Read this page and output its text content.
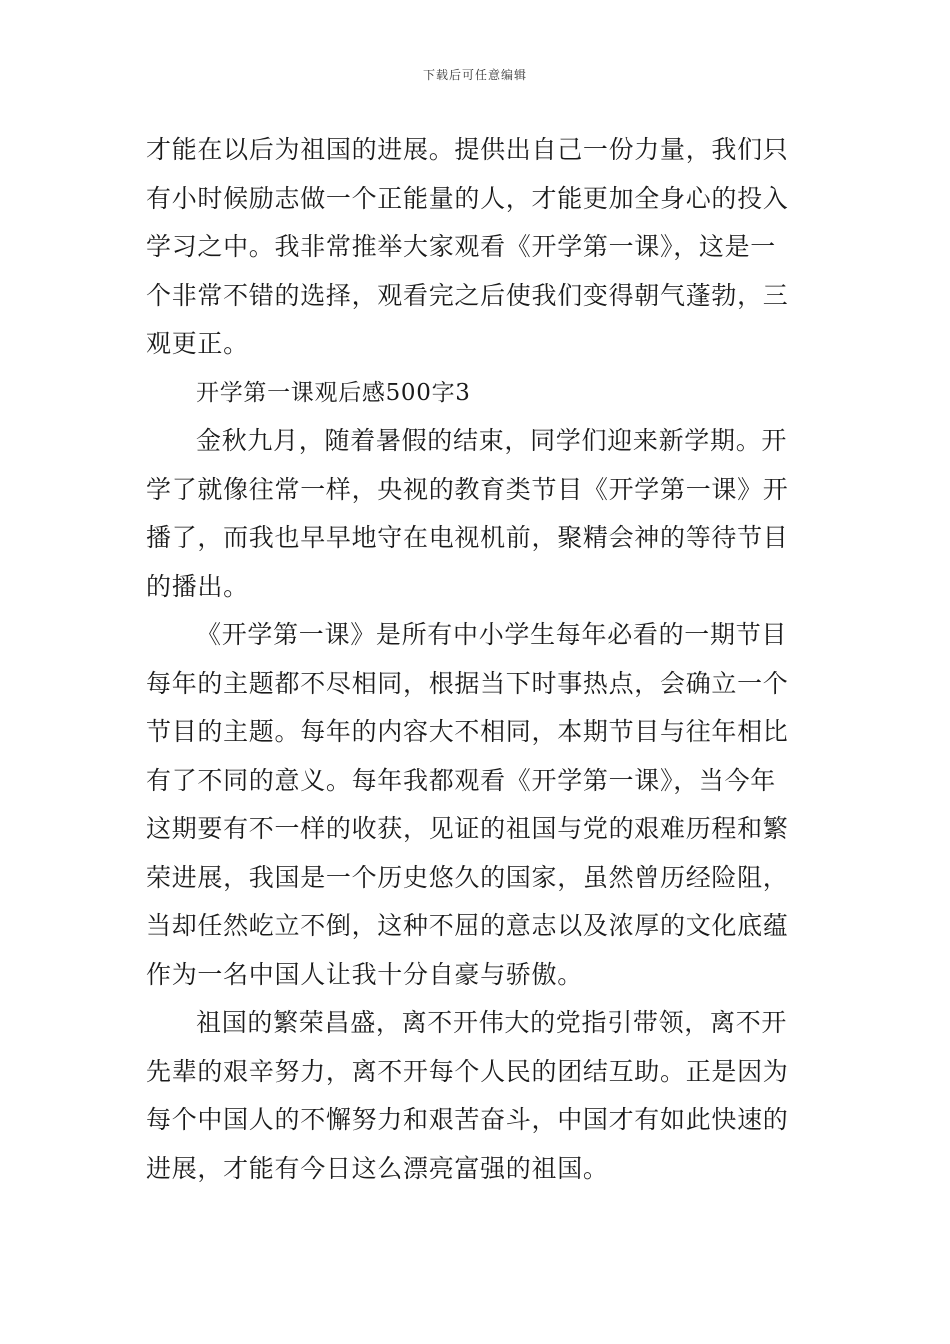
下载后可任意编辑
才能在以后为祖国的进展。提供出自己一份力量，我们只
有小时候励志做一个正能量的人，才能更加全身心的投入
学习之中。我非常推举大家观看《开学第一课》，这是一
个非常不错的选择，观看完之后使我们变得朝气蓬勃，三
观更正。
开学第一课观后感500字3
金秋九月，随着暑假的结束，同学们迎来新学期。开
学了就像往常一样，央视的教育类节目《开学第一课》开
播了，而我也早早地守在电视机前，聚精会神的等待节目
的播出。
《开学第一课》是所有中小学生每年必看的一期节目
每年的主题都不尽相同，根据当下时事热点，会确立一个
节目的主题。每年的内容大不相同，本期节目与往年相比
有了不同的意义。每年我都观看《开学第一课》，当今年
这期要有不一样的收获，见证的祖国与党的艰难历程和繁
荣进展，我国是一个历史悠久的国家，虽然曾历经险阻，
当却任然屹立不倒，这种不屈的意志以及浓厚的文化底蕴
作为一名中国人让我十分自豪与骄傲。
祖国的繁荣昌盛，离不开伟大的党指引带领，离不开
先辈的艰辛努力，离不开每个人民的团结互助。正是因为
每个中国人的不懈努力和艰苦奋斗，中国才有如此快速的
进展，才能有今日这么漂亮富强的祖国。
